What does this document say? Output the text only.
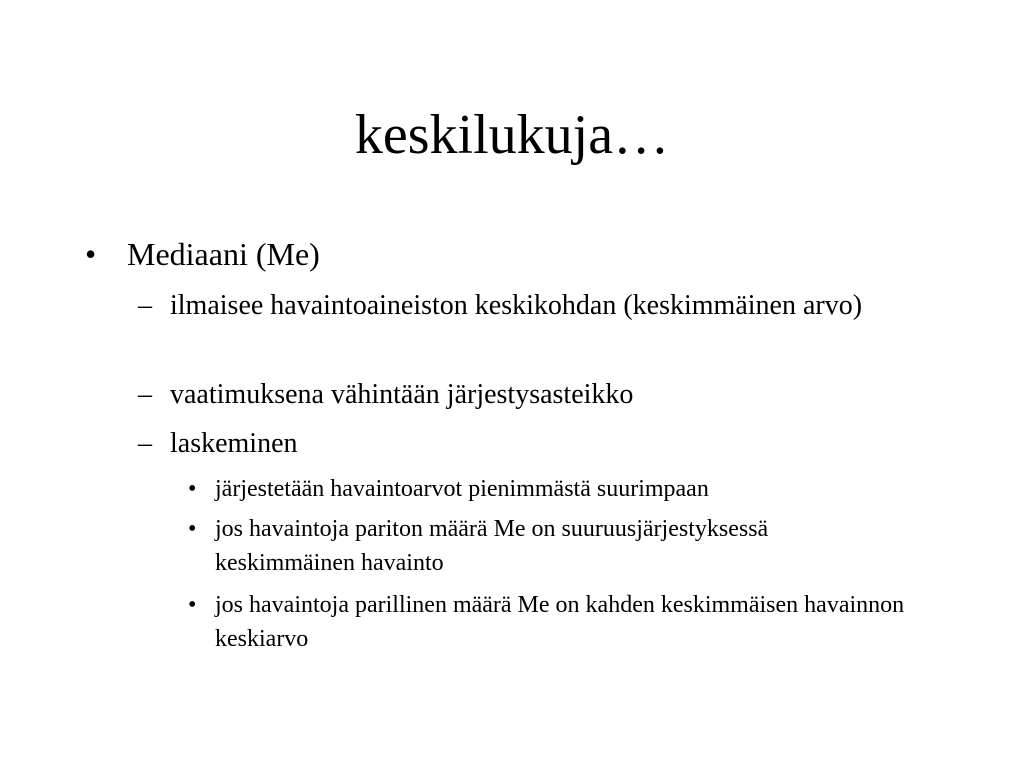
keskilukuja…
• Mediaani (Me)
– ilmaisee havaintoaineiston keskikohdan (keskimmäinen arvo)
– vaatimuksena vähintään järjestysasteikko
– laskeminen
• järjestetään havaintoarvot pienimmästä suurimpaan
• jos havaintoja pariton määrä Me on suuruusjärjestyksessä keskimmäinen havainto
• jos havaintoja parillinen määrä Me on kahden keskimmäisen havainnon keskiarvo
